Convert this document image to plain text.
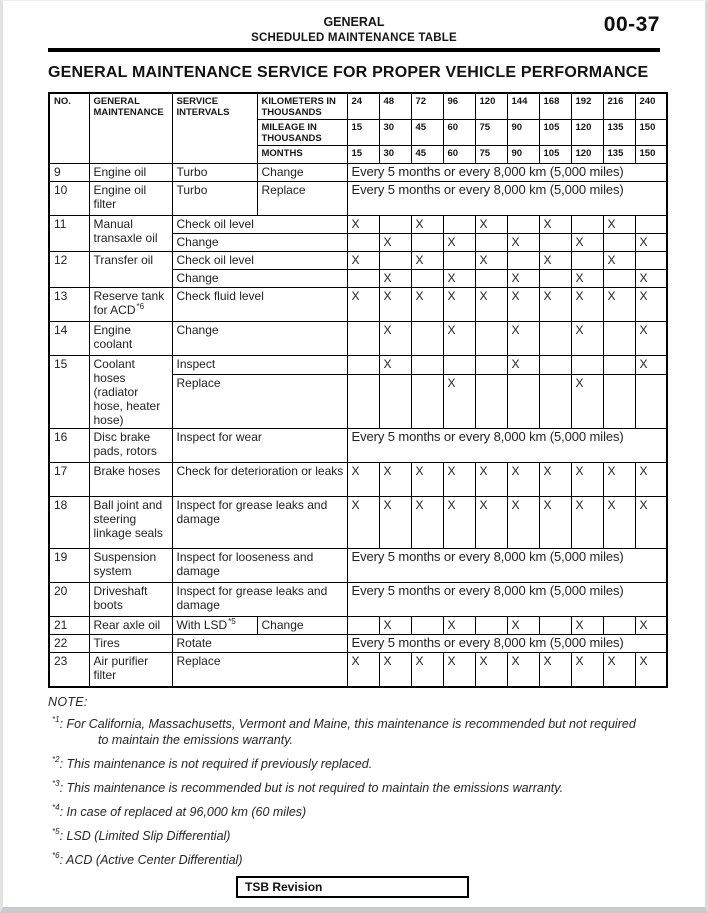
GENERAL
SCHEDULED MAINTENANCE TABLE
00-37
GENERAL MAINTENANCE SERVICE FOR PROPER VEHICLE PERFORMANCE
NO.	GENERAL MAINTENANCE	SERVICE INTERVALS	KILOMETERS IN THOUSANDS	24	48	72	96	120	144	168	192	216	240
			MILEAGE IN THOUSANDS	15	30	45	60	75	90	105	120	135	150
			MONTHS	15	30	45	60	75	90	105	120	135	150
9	Engine oil	Turbo	Change	Every 5 months or every 8,000 km (5,000 miles)									
10	Engine oil filter	Turbo	Replace	Every 5 months or every 8,000 km (5,000 miles)									
11	Manual transaxle oil	Check oil level		X		X		X		X		X	
		Change			X		X		X		X		X
12	Transfer oil	Check oil level		X		X		X		X		X	
		Change			X		X		X		X		X
13	Reserve tank for ACD$^{*6}$	Check fluid level		X	X	X	X	X	X	X	X	X	X
14	Engine coolant	Change			X		X		X		X		X
15	Coolant hoses (radiator hose, heater hose)	Inspect			X				X				X
		Replace					X				X		
16	Disc brake pads, rotors	Inspect for wear		Every 5 months or every 8,000 km (5,000 miles)									
17	Brake hoses	Check for deterioration or leaks		X	X	X	X	X	X	X	X	X	X
18	Ball joint and steering linkage seals	Inspect for grease leaks and damage		X	X	X	X	X	X	X	X	X	X
19	Suspension system	Inspect for looseness and damage		Every 5 months or every 8,000 km (5,000 miles)									
20	Driveshaft boots	Inspect for grease leaks and damage		Every 5 months or every 8,000 km (5,000 miles)									
21	Rear axle oil	With LSD$^{*5}$	Change		X		X		X		X		X
22	Tires	Rotate		Every 5 months or every 8,000 km (5,000 miles)									
23	Air purifier filter	Replace		X	X	X	X	X	X	X	X	X	X
NOTE:
$^{*1}$: For California, Massachusetts, Vermont and Maine, this maintenance is recommended but not required to maintain the emissions warranty.
$^{*2}$: This maintenance is not required if previously replaced.
$^{*3}$: This maintenance is recommended but is not required to maintain the emissions warranty.
$^{*4}$: In case of replaced at 96,000 km (60 miles)
$^{*5}$: LSD (Limited Slip Differential)
$^{*6}$: ACD (Active Center Differential)
TSB Revision
